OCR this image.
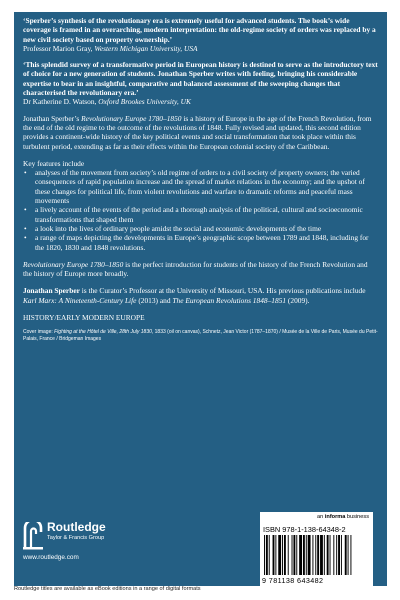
‘Sperber’s synthesis of the revolutionary era is extremely useful for advanced students. The book’s wide coverage is framed in an overarching, modern interpretation: the old-regime society of orders was replaced by a new civil society based on property ownership.’

Professor Marion Gray, Western Michigan University, USA

‘This splendid survey of a transformative period in European history is destined to serve as the introductory text of choice for a new generation of students. Jonathan Sperber writes with feeling, bringing his considerable expertise to bear in an insightful, comparative and balanced assessment of the sweeping changes that characterised the revolutionary era.’

Dr Katherine D. Watson, Oxford Brookes University, UK

Jonathan Sperber’s Revolutionary Europe 1780–1850 is a history of Europe in the age of the French Revolution, from the end of the old regime to the outcome of the revolutions of 1848. Fully revised and updated, this second edition provides a continent-wide history of the key political events and social transformation that took place within this turbulent period, extending as far as their effects within the European colonial society of the Caribbean.

Key features include

• analyses of the movement from society’s old regime of orders to a civil society of property owners; the varied consequences of rapid population increase and the spread of market relations in the economy; and the upshot of these changes for political life, from violent revolutions and warfare to dramatic reforms and peaceful mass movements
• a lively account of the events of the period and a thorough analysis of the political, cultural and socioeconomic transformations that shaped them
• a look into the lives of ordinary people amidst the social and economic developments of the time
• a range of maps depicting the developments in Europe’s geographic scope between 1789 and 1848, including for the 1820, 1830 and 1848 revolutions.

Revolutionary Europe 1780–1850 is the perfect introduction for students of the history of the French Revolution and the history of Europe more broadly.

Jonathan Sperber is the Curator’s Professor at the University of Missouri, USA. His previous publications include Karl Marx: A Nineteenth-Century Life (2013) and The European Revolutions 1848–1851 (2009).

HISTORY/EARLY MODERN EUROPE

Cover image: Fighting at the Hôtel de Ville, 28th July 1830, 1833 (oil on canvas), Schnetz, Jean Victor (1787–1870) / Musée de la Ville de Paris, Musée du Petit-Palais, France / Bridgeman Images

Routledge
Taylor & Francis Group
www.routledge.com
an informa business
ISBN 978-1-138-64348-2
9 781138 643482
Routledge titles are available as eBook editions in a range of digital formats
